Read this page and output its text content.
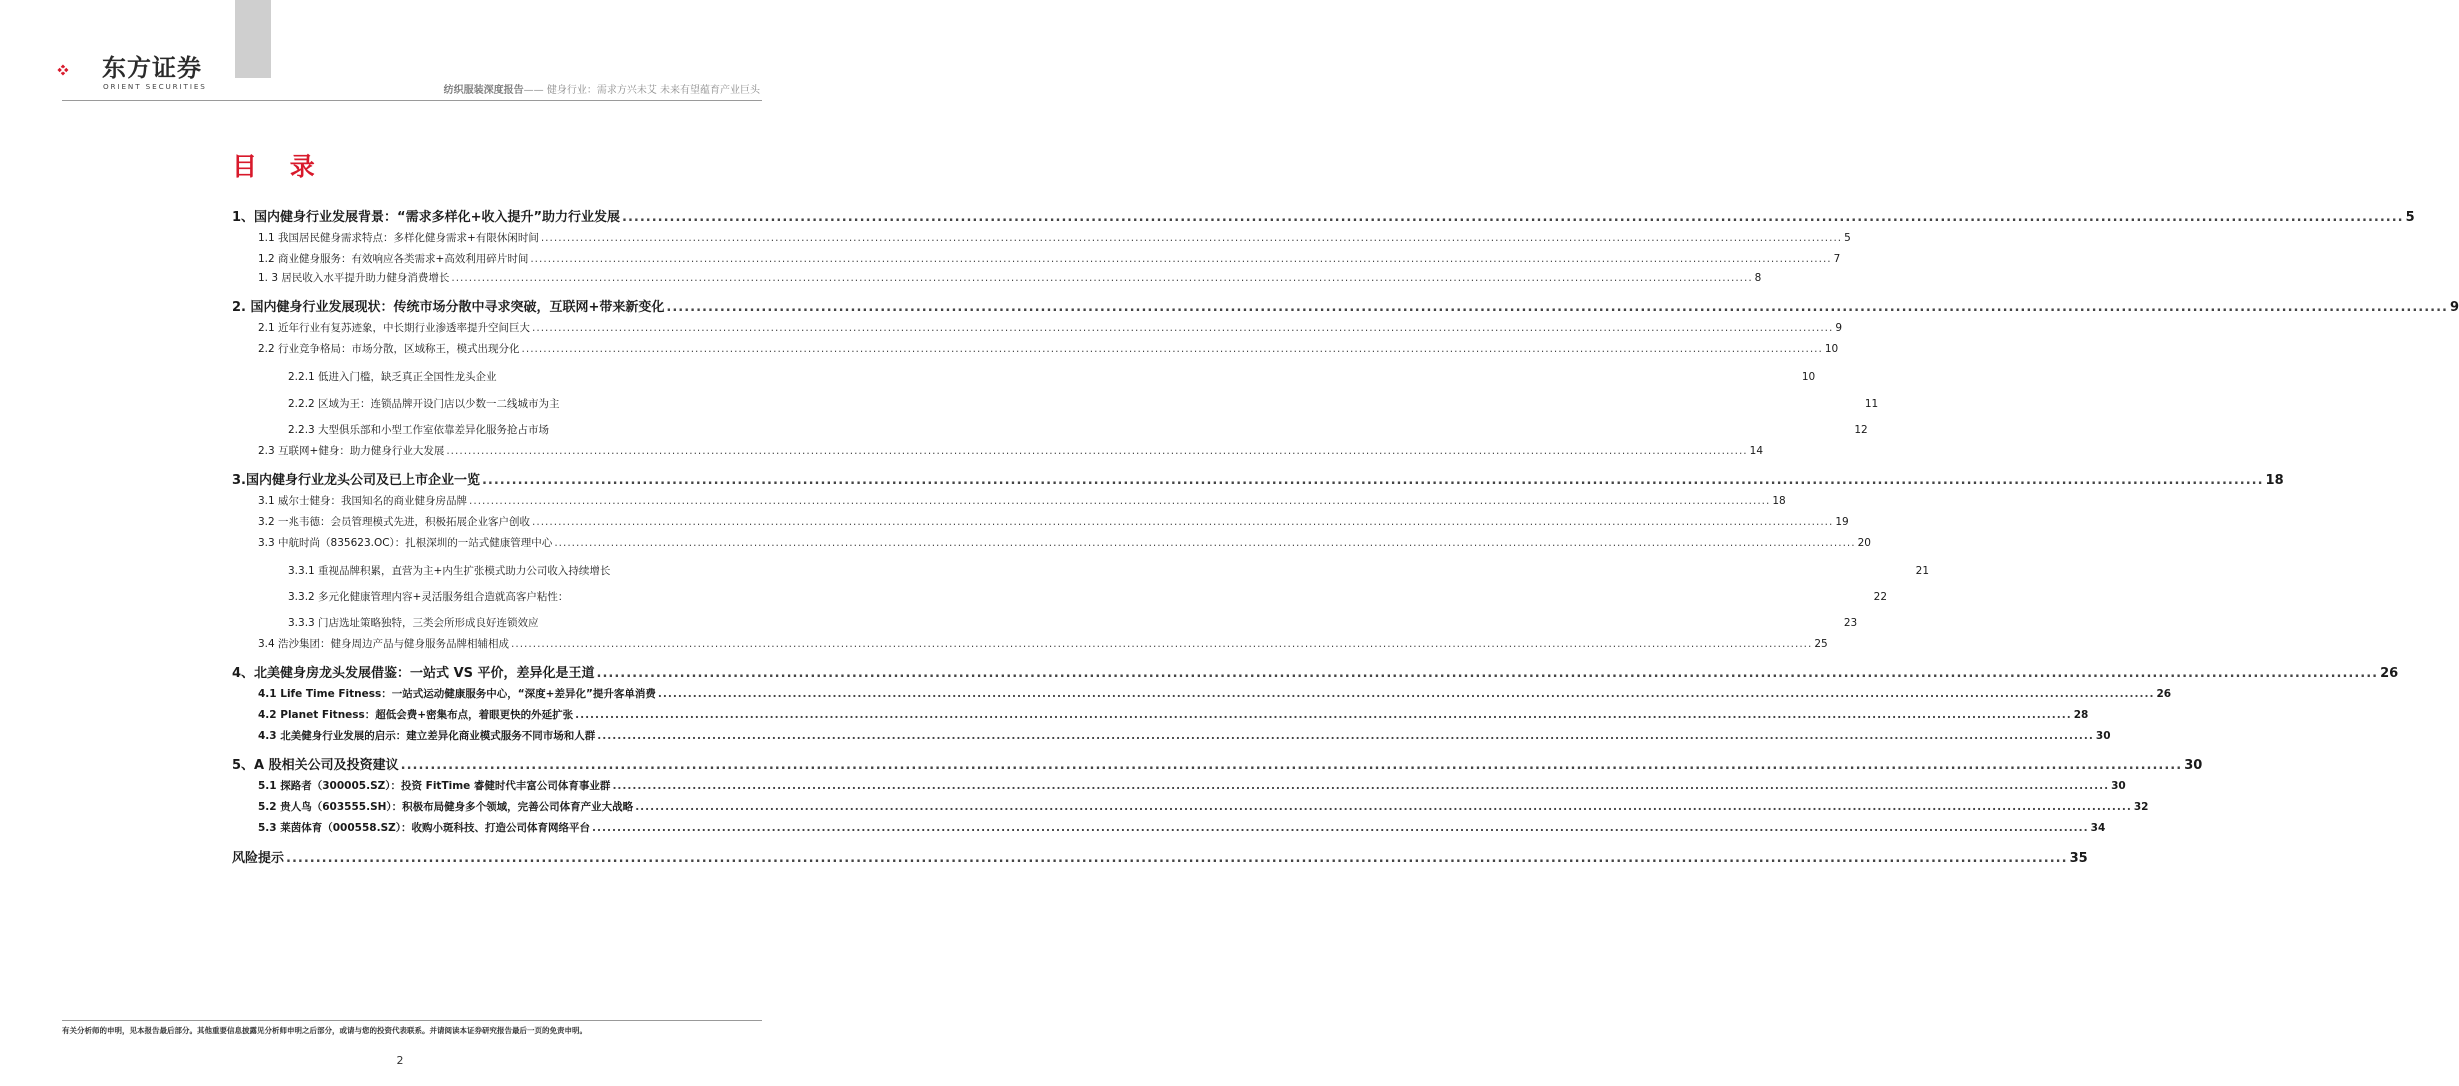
东方证券
ORIENT SECURITIES	纺织服装深度报告—— 健身行业：需求方兴未艾 未来有望蕴育产业巨头
目 录
1、国内健身行业发展背景：“需求多样化+收入提升”助力行业发展 ............................................................................................................................................................................................................................................................................................................ 5
1.1 我国居民健身需求特点：多样化健身需求+有限休闲时间 ............................................................................................................................................................................................................................................................................................................ 5
1.2 商业健身服务：有效响应各类需求+高效利用碎片时间 ............................................................................................................................................................................................................................................................................................................ 7
1. 3 居民收入水平提升助力健身消费增长 ............................................................................................................................................................................................................................................................................................................ 8
2. 国内健身行业发展现状：传统市场分散中寻求突破，互联网+带来新变化 ............................................................................................................................................................................................................................................................................................................ 9
2.1 近年行业有复苏迹象，中长期行业渗透率提升空间巨大 ............................................................................................................................................................................................................................................................................................................ 9
2.2 行业竞争格局：市场分散，区域称王，模式出现分化 ............................................................................................................................................................................................................................................................................................................ 10
2.2.1 低进入门槛，缺乏真正全国性龙头企业	10
2.2.2 区域为王：连锁品牌开设门店以少数一二线城市为主	11
2.2.3 大型俱乐部和小型工作室依靠差异化服务抢占市场	12
2.3 互联网+健身：助力健身行业大发展 ............................................................................................................................................................................................................................................................................................................ 14
3.国内健身行业龙头公司及已上市企业一览 ............................................................................................................................................................................................................................................................................................................ 18
3.1 威尔士健身：我国知名的商业健身房品牌 ............................................................................................................................................................................................................................................................................................................ 18
3.2 一兆韦德：会员管理模式先进，积极拓展企业客户创收 ............................................................................................................................................................................................................................................................................................................ 19
3.3 中航时尚（835623.OC）：扎根深圳的一站式健康管理中心 ............................................................................................................................................................................................................................................................................................................ 20
3.3.1 重视品牌积累，直营为主+内生扩张模式助力公司收入持续增长	21
3.3.2 多元化健康管理内容+灵活服务组合造就高客户粘性：	22
3.3.3 门店选址策略独特，三类会所形成良好连锁效应	23
3.4 浩沙集团：健身周边产品与健身服务品牌相辅相成 ............................................................................................................................................................................................................................................................................................................ 25
4、北美健身房龙头发展借鉴：一站式 VS 平价，差异化是王道 ............................................................................................................................................................................................................................................................................................................ 26
4.1 Life Time Fitness：一站式运动健康服务中心，“深度+差异化”提升客单消费 ............................................................................................................................................................................................................................................................................................................ 26
4.2 Planet Fitness：超低会费+密集布点，着眼更快的外延扩张 ............................................................................................................................................................................................................................................................................................................ 28
4.3 北美健身行业发展的启示：建立差异化商业模式服务不同市场和人群 ............................................................................................................................................................................................................................................................................................................ 30
5、A 股相关公司及投资建议 ............................................................................................................................................................................................................................................................................................................ 30
5.1 探路者（300005.SZ）：投资 FitTime 睿健时代丰富公司体育事业群 ............................................................................................................................................................................................................................................................................................................ 30
5.2 贵人鸟（603555.SH）：积极布局健身多个领域，完善公司体育产业大战略 ............................................................................................................................................................................................................................................................................................................ 32
5.3 莱茵体育（000558.SZ）：收购小斑科技、打造公司体育网络平台 ............................................................................................................................................................................................................................................................................................................ 34
风险提示 ............................................................................................................................................................................................................................................................................................................ 35
有关分析师的申明，见本报告最后部分。其他重要信息披露见分析师申明之后部分，或请与您的投资代表联系。并请阅读本证券研究报告最后一页的免责申明。
2
